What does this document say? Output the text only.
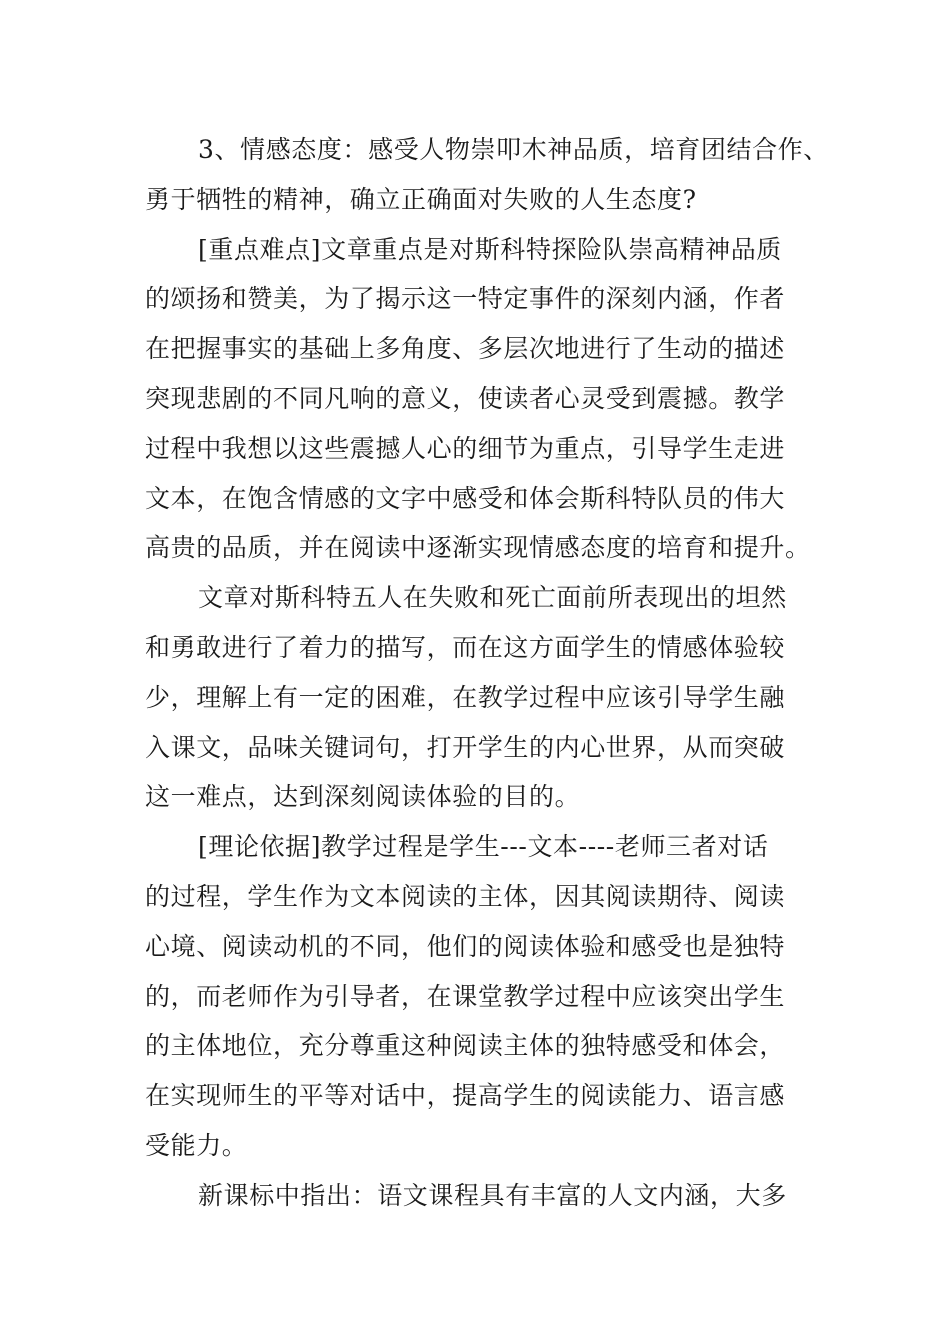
3、情感态度：感受人物崇叩木神品质，培育团结合作、
勇于牺牲的精神，确立正确面对失败的人生态度?
[重点难点]文章重点是对斯科特探险队崇高精神品质
的颂扬和赞美，为了揭示这一特定事件的深刻内涵，作者
在把握事实的基础上多角度、多层次地进行了生动的描述
突现悲剧的不同凡响的意义，使读者心灵受到震撼。教学
过程中我想以这些震撼人心的细节为重点，引导学生走进
文本，在饱含情感的文字中感受和体会斯科特队员的伟大
高贵的品质，并在阅读中逐渐实现情感态度的培育和提升。
文章对斯科特五人在失败和死亡面前所表现出的坦然
和勇敢进行了着力的描写，而在这方面学生的情感体验较
少，理解上有一定的困难，在教学过程中应该引导学生融
入课文，品味关键词句，打开学生的内心世界，从而突破
这一难点，达到深刻阅读体验的目的。
[理论依据]教学过程是学生---文本----老师三者对话
的过程，学生作为文本阅读的主体，因其阅读期待、阅读
心境、阅读动机的不同，他们的阅读体验和感受也是独特
的，而老师作为引导者，在课堂教学过程中应该突出学生
的主体地位，充分尊重这种阅读主体的独特感受和体会，
在实现师生的平等对话中，提高学生的阅读能力、语言感
受能力。
新课标中指出：语文课程具有丰富的人文内涵，大多
